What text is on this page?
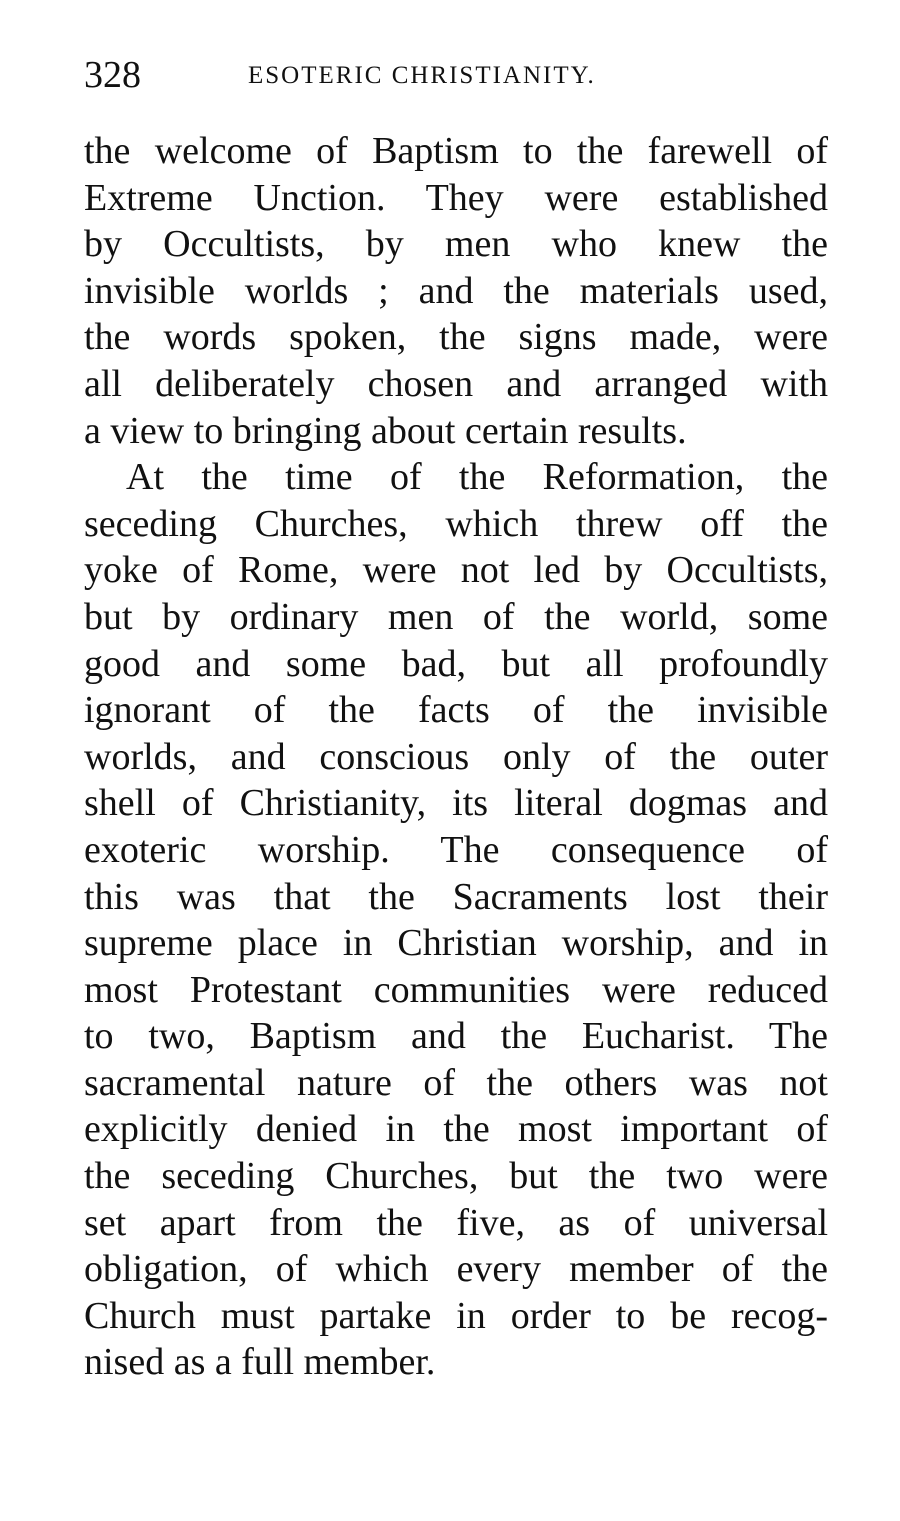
328	ESOTERIC CHRISTIANITY.
the welcome of Baptism to the farewell of
Extreme Unction. They were established
by Occultists, by men who knew the
invisible worlds ; and the materials used,
the words spoken, the signs made, were
all deliberately chosen and arranged with
a view to bringing about certain results.
At the time of the Reformation, the
seceding Churches, which threw off the
yoke of Rome, were not led by Occultists,
but by ordinary men of the world, some
good and some bad, but all profoundly
ignorant of the facts of the invisible
worlds, and conscious only of the outer
shell of Christianity, its literal dogmas and
exoteric worship. The consequence of
this was that the Sacraments lost their
supreme place in Christian worship, and in
most Protestant communities were reduced
to two, Baptism and the Eucharist. The
sacramental nature of the others was not
explicitly denied in the most important of
the seceding Churches, but the two were
set apart from the five, as of universal
obligation, of which every member of the
Church must partake in order to be recog-
nised as a full member.
